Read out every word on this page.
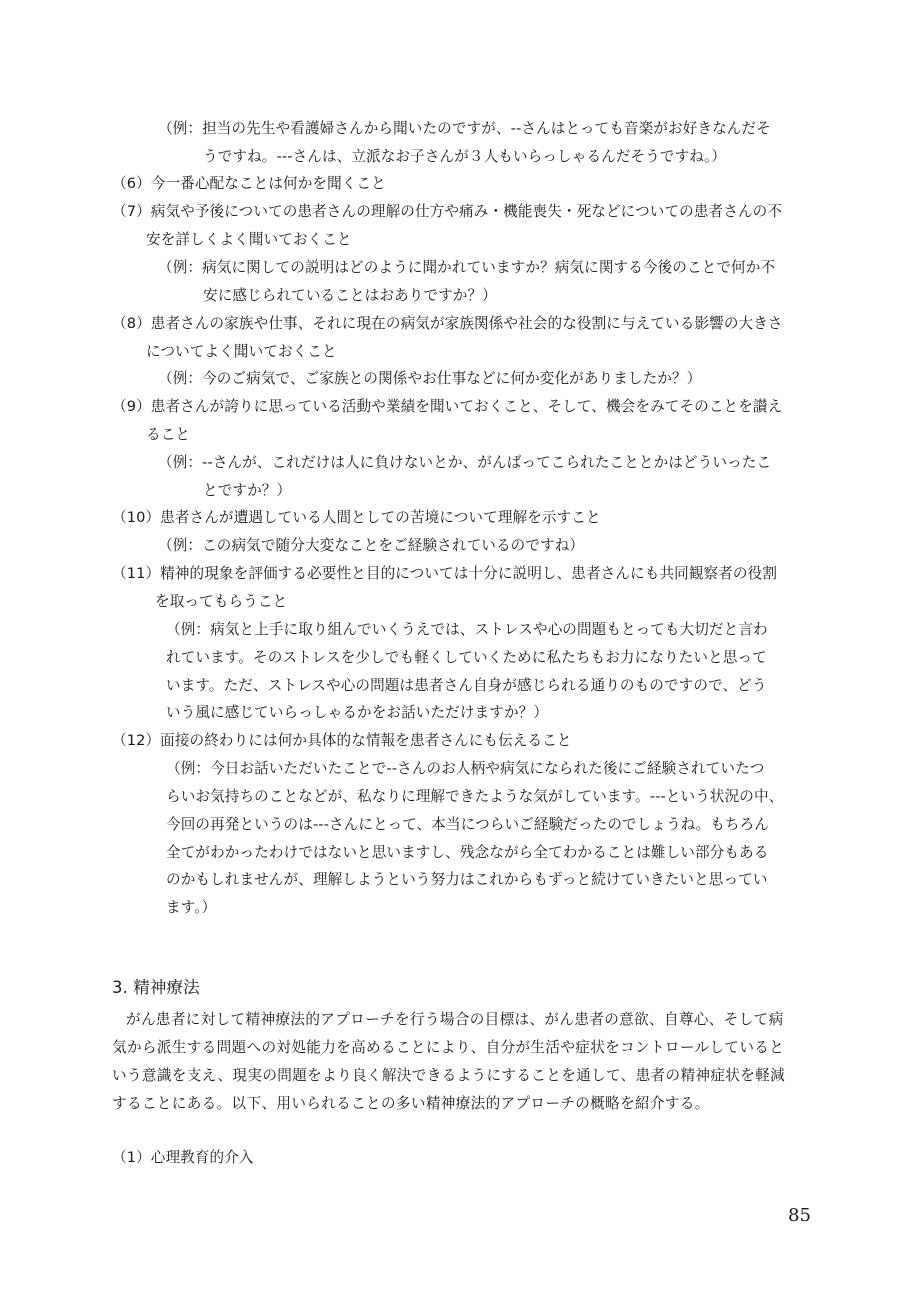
（例：担当の先生や看護婦さんから聞いたのですが、--さんはとっても音楽がお好きなんだそ
うですね。---さんは、立派なお子さんが３人もいらっしゃるんだそうですね。）
（6）今一番心配なことは何かを聞くこと
（7）病気や予後についての患者さんの理解の仕方や痛み・機能喪失・死などについての患者さんの不
安を詳しくよく聞いておくこと
（例：病気に関しての説明はどのように聞かれていますか？病気に関する今後のことで何か不
安に感じられていることはおありですか？）
（8）患者さんの家族や仕事、それに現在の病気が家族関係や社会的な役割に与えている影響の大きさ
についてよく聞いておくこと
（例：今のご病気で、ご家族との関係やお仕事などに何か変化がありましたか？）
（9）患者さんが誇りに思っている活動や業績を聞いておくこと、そして、機会をみてそのことを讃え
ること
（例：--さんが、これだけは人に負けないとか、がんばってこられたこととかはどういったこ
とですか？）
（10）患者さんが遭遇している人間としての苦境について理解を示すこと
（例：この病気で随分大変なことをご経験されているのですね）
（11）精神的現象を評価する必要性と目的については十分に説明し、患者さんにも共同観察者の役割
を取ってもらうこと
（例：病気と上手に取り組んでいくうえでは、ストレスや心の問題もとっても大切だと言わ
れています。そのストレスを少しでも軽くしていくために私たちもお力になりたいと思って
います。ただ、ストレスや心の問題は患者さん自身が感じられる通りのものですので、どう
いう風に感じていらっしゃるかをお話いただけますか？）
（12）面接の終わりには何か具体的な情報を患者さんにも伝えること
（例：今日お話いただいたことで--さんのお人柄や病気になられた後にご経験されていたつ
らいお気持ちのことなどが、私なりに理解できたような気がしています。---という状況の中、
今回の再発というのは---さんにとって、本当につらいご経験だったのでしょうね。もちろん
全てがわかったわけではないと思いますし、残念ながら全てわかることは難しい部分もある
のかもしれませんが、理解しようという努力はこれからもずっと続けていきたいと思ってい
ます。）
3. 精神療法
がん患者に対して精神療法的アプローチを行う場合の目標は、がん患者の意欲、自尊心、そして病
気から派生する問題への対処能力を高めることにより、自分が生活や症状をコントロールしていると
いう意識を支え、現実の問題をより良く解決できるようにすることを通して、患者の精神症状を軽減
することにある。以下、用いられることの多い精神療法的アプローチの概略を紹介する。
（1）心理教育的介入
85
